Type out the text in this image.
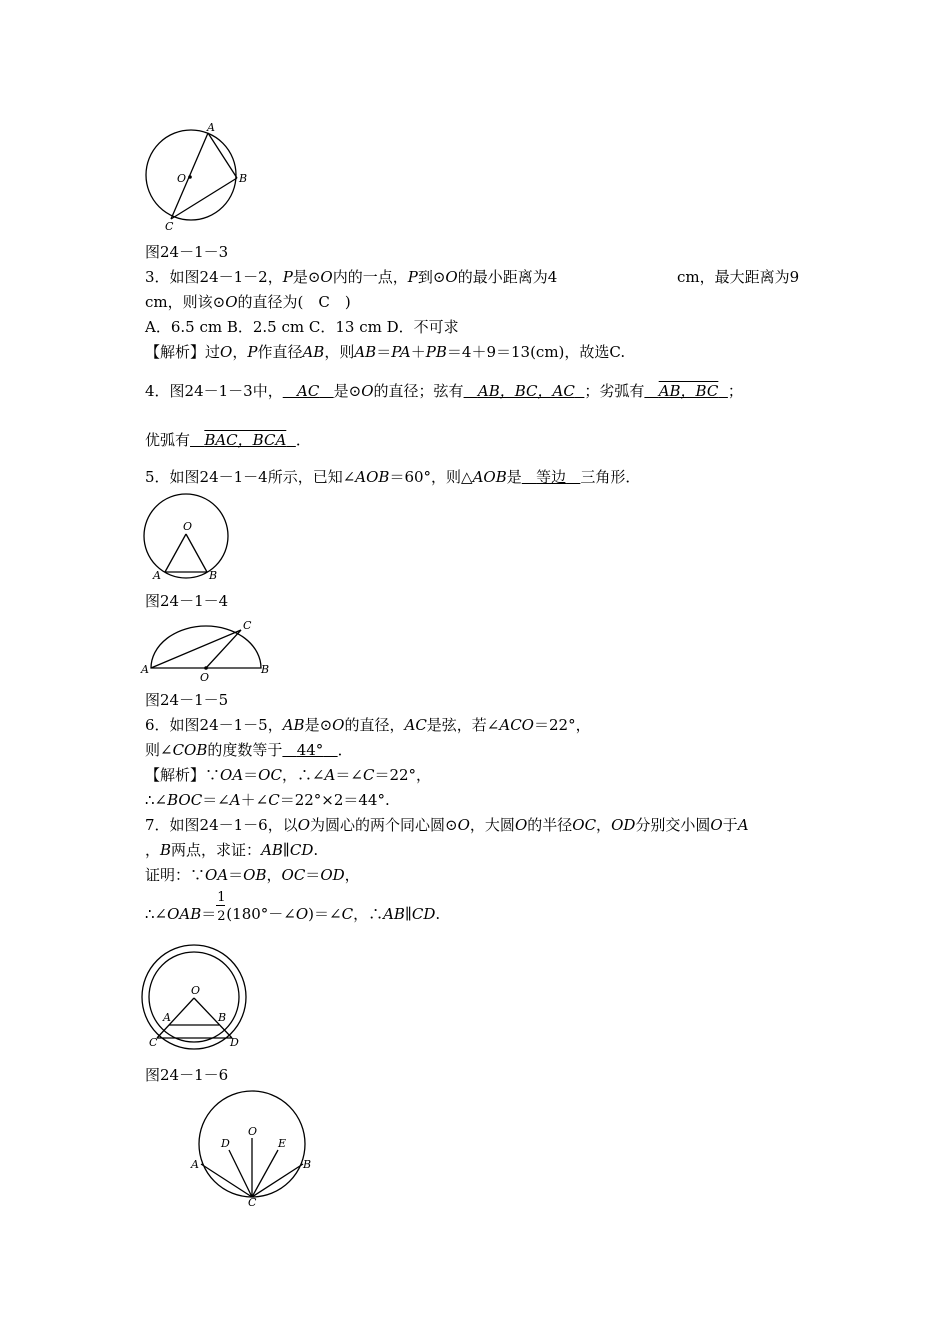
A
B
C
O
图24－1－3
3．如图24－1－2，P是⊙O内的一点，P到⊙O的最小距离为4	cm，最大距离为9
cm，则该⊙O的直径为(　C　)
A．6.5 cm B．2.5 cm C．13 cm D．不可求
【解析】过O，P作直径AB，则AB＝PA＋PB＝4＋9＝13(cm)，故选C.
4．图24－1－3中， AC 是⊙O的直径；弦有 AB，BC，AC ；劣弧有 AB，BC ；
优弧有 BAC，BCA ．
5．如图24－1－4所示，已知∠AOB＝60°，则△AOB是 等边 三角形．
O
A	B
图24－1－4
A	B
C
O
图24－1－5
6．如图24－1－5，AB是⊙O的直径，AC是弦，若∠ACO＝22°，
则∠COB的度数等于 44° ．
【解析】∵OA＝OC，∴∠A＝∠C＝22°，
∴∠BOC＝∠A＋∠C＝22°×2＝44°.
7．如图24－1－6，以O为圆心的两个同心圆⊙O，大圆O的半径OC，OD分别交小圆O于A
，B两点，求证：AB∥CD.
证明：∵OA＝OB，OC＝OD，
∴∠OAB＝ $\frac{1}{2}$ (180°－∠O)＝∠C，∴AB∥CD.
O
A	B
C	D
图24－1－6
O
D	E
A	B
C
